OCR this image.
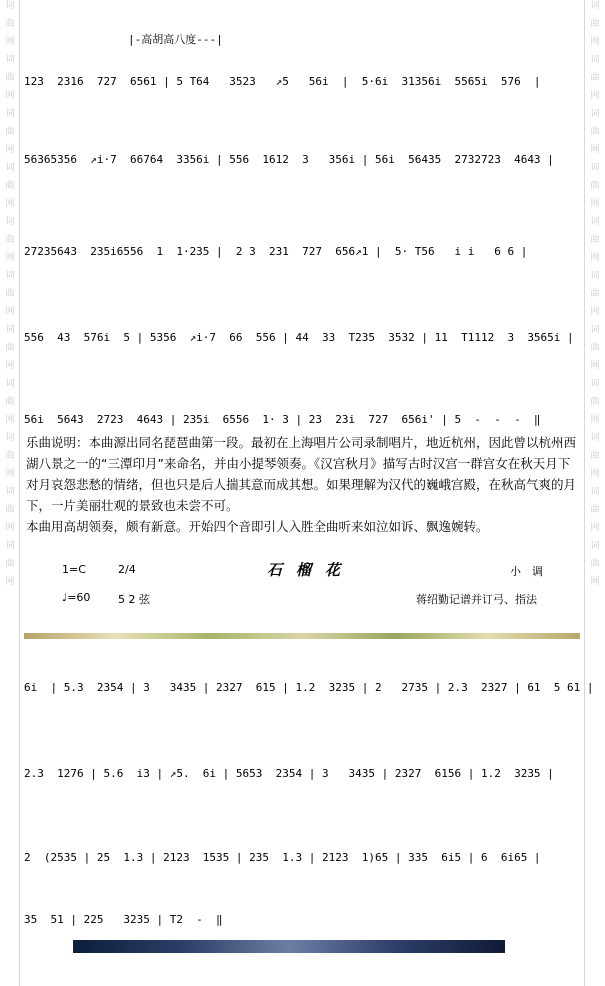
词
曲
网
词
曲
网
词
曲
网
词
曲
网
词
曲
网
词
曲
网
词
曲
网
词
曲
网
词
曲
网
词
曲
网
词
曲
网
词
曲
网
词
曲
网
词
曲
网
词
曲
网
词
曲
网
词
曲
网
词
曲
网
词
曲
网
词
曲
网
词
曲
网
词
曲
网

|-高胡高八度---|

123  2316  727  6561 | 5 T64   3523   ↗5   56i  |  5·6i  31356i  5565i  576  |

56365356  ↗i·7  66764  3356i | 556  1612  3   356i | 56i  56435  2732723  4643 |

27235643  235i6556  1  1·235 |  2 3  231  727  656↗1 |  5· T56   i i   6 6 |

556  43  576i  5 | 5356  ↗i·7  66  556 | 44  33  T235  3532 | 11  T1112  3  3565i |

56i  5643  2723  4643 | 235i  6556  1· 3 | 23  23i  727  656i' | 5  -  -  -  ‖

乐曲说明：本曲源出同名琵琶曲第一段。最初在上海唱片公司录制唱片，地近杭州，因此曾以杭州西湖八景之一的“三潭印月”来命名，并由小提琴领奏。《汉宫秋月》描写古时汉宫一群宫女在秋天月下对月哀怨悲愁的情绪，但也只是后人揣其意而成其想。如果理解为汉代的巍峨宫殿，在秋高气爽的月下，一片美丽壮观的景致也未尝不可。

本曲用高胡领奏，颇有新意。开始四个音即引人入胜全曲听来如泣如诉、飘逸婉转。

1=C	2/4	石榴花	小　调
♩=60	5 2 弦	蒋绍勤记谱并订弓、指法

6i  | 5.3  2354 | 3   3435 | 2327  615 | 1.2  3235 | 2   2735 | 2.3  2327 | 61  5 61 |

2.3  1276 | 5.6  i3 | ↗5.  6i | 5653  2354 | 3   3435 | 2327  6156 | 1.2  3235 |

2  (2535 | 25  1.3 | 2123  1535 | 235  1.3 | 2123  1)65 | 335  6i5 | 6  6i65 |

35  51 | 225   3235 | T2  -  ‖
